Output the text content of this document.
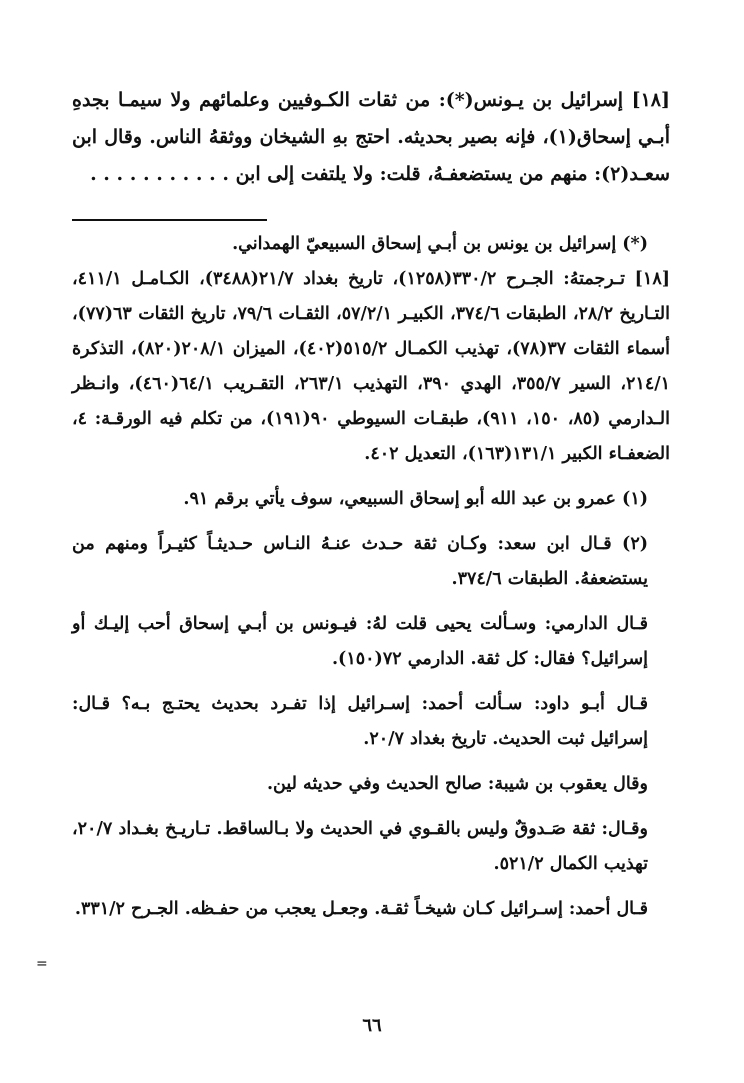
[١٨] إسرائيل بن يـونس(*): من ثقات الكـوفيين وعلمائهم ولا سيمـا بجدهِ أبـي إسحاق(١)، فإنه بصير بحديثه. احتج بهِ الشيخان ووثقهُ الناس. وقال ابن سعـد(٢): منهم من يستضعفـهُ، قلت: ولا يلتفت إلى ابن . . . . . . . . . . .

(*) إسرائيل بن يونس بن أبـي إسحاق السبيعيّ الهمداني.

[١٨] تـرجمتهُ: الجـرح ٣٣٠/٢(١٢٥٨)، تاريخ بغداد ٢١/٧(٣٤٨٨)، الكـامـل ٤١١/١، التـاريخ ٢٨/٢، الطبقات ٣٧٤/٦، الكبيـر ٥٧/٢/١، الثقـات ٧٩/٦، تاريخ الثقات ٦٣(٧٧)، أسماء الثقات ٣٧(٧٨)، تهذيب الكمـال ٥١٥/٢(٤٠٢)، الميزان ٢٠٨/١(٨٢٠)، التذكرة ٢١٤/١، السير ٣٥٥/٧، الهدي ٣٩٠، التهذيب ٢٦٣/١، التقـريب ٦٤/١(٤٦٠)، وانـظر الـدارمي (٨٥، ١٥٠، ٩١١)، طبقـات السيوطي ٩٠(١٩١)، من تكلم فيه الورقـة: ٤، الضعفـاء الكبير ١٣١/١(١٦٣)، التعديل ٤٠٢.

(١) عمرو بن عبد الله أبو إسحاق السبيعي، سوف يأتي برقم ٩١.

(٢) قـال ابن سعد: وكـان ثقة حـدث عنـهُ النـاس حـديثـاً كثيـراً ومنهم من يستضعفهُ. الطبقات ٣٧٤/٦.

قـال الدارمي: وسـألت يحيى قلت لهُ: فيـونس بن أبـي إسحاق أحب إليـك أو إسرائيل؟ فقال: كل ثقة. الدارمي ٧٢(١٥٠).

قـال أبـو داود: سـألت أحمد: إسـرائيل إذا تفـرد بحديث يحتـج بـه؟ قـال: إسرائيل ثبت الحديث. تاريخ بغداد ٢٠/٧.

وقال يعقوب بن شيبة: صالح الحديث وفي حديثه لين.

وقـال: ثقة صَـدوقٌ وليس بالقـوي في الحديث ولا بـالساقط. تـاريـخ بغـداد ٢٠/٧، تهذيب الكمال ٥٢١/٢.

قـال أحمد: إسـرائيل كـان شيخـاً ثقـة. وجعـل يعجب من حفـظه. الجـرح ٣٣١/٢.

=
٦٦
